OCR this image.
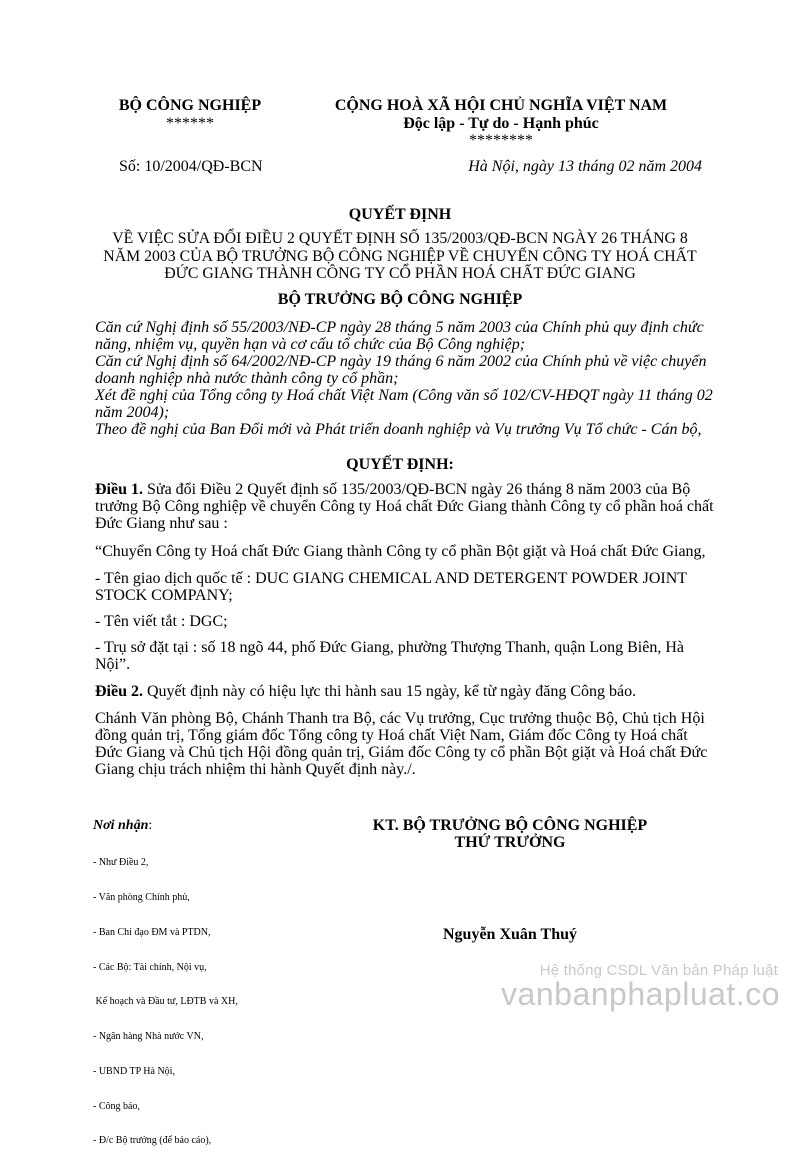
BỘ CÔNG NGHIỆP
******
CỘNG HOÀ XÃ HỘI CHỦ NGHĨA VIỆT NAM
Độc lập - Tự do - Hạnh phúc
********
Số: 10/2004/QĐ-BCN	Hà Nội, ngày 13 tháng 02 năm 2004
QUYẾT ĐỊNH
VỀ VIỆC SỬA ĐỔI ĐIỀU 2 QUYẾT ĐỊNH SỐ 135/2003/QĐ-BCN NGÀY 26 THÁNG 8
NĂM 2003 CỦA BỘ TRƯỞNG BỘ CÔNG NGHIỆP VỀ CHUYỂN CÔNG TY HOÁ CHẤT
ĐỨC GIANG THÀNH CÔNG TY CỔ PHẦN HOÁ CHẤT ĐỨC GIANG
BỘ TRƯỞNG BỘ CÔNG NGHIỆP
Căn cứ Nghị định số 55/2003/NĐ-CP ngày 28 tháng 5 năm 2003 của Chính phủ quy định chức
năng, nhiệm vụ, quyền hạn và cơ cấu tổ chức của Bộ Công nghiệp;
Căn cứ Nghị định số 64/2002/NĐ-CP ngày 19 tháng 6 năm 2002 của Chính phủ về việc chuyển
doanh nghiệp nhà nước thành công ty cổ phần;
Xét đề nghị của Tổng công ty Hoá chất Việt Nam (Công văn số 102/CV-HĐQT ngày 11 tháng 02
năm 2004);
Theo đề nghị của Ban Đổi mới và Phát triển doanh nghiệp và Vụ trưởng Vụ Tổ chức - Cán bộ,
QUYẾT ĐỊNH:
Điều 1. Sửa đổi Điều 2 Quyết định số 135/2003/QĐ-BCN ngày 26 tháng 8 năm 2003 của Bộ
trưởng Bộ Công nghiệp về chuyển Công ty Hoá chất Đức Giang thành Công ty cổ phần hoá chất
Đức Giang như sau :
“Chuyển Công ty Hoá chất Đức Giang thành Công ty cổ phần Bột giặt và Hoá chất Đức Giang,
- Tên giao dịch quốc tế : DUC GIANG CHEMICAL AND DETERGENT POWDER JOINT
STOCK COMPANY;
- Tên viết tắt : DGC;
- Trụ sở đặt tại : số 18 ngõ 44, phố Đức Giang, phường Thượng Thanh, quận Long Biên, Hà
Nội”.
Điều 2. Quyết định này có hiệu lực thi hành sau 15 ngày, kể từ ngày đăng Công báo.
Chánh Văn phòng Bộ, Chánh Thanh tra Bộ, các Vụ trưởng, Cục trưởng thuộc Bộ, Chủ tịch Hội
đồng quản trị, Tổng giám đốc Tổng công ty Hoá chất Việt Nam, Giám đốc Công ty Hoá chất
Đức Giang và Chủ tịch Hội đồng quản trị, Giám đốc Công ty cổ phần Bột giặt và Hoá chất Đức
Giang chịu trách nhiệm thi hành Quyết định này./.
Nơi nhận:

- Như Điều 2,

- Văn phòng Chính phủ,

- Ban Chỉ đạo ĐM và PTDN,

- Các Bộ: Tài chính, Nội vụ,

Kế hoạch và Đầu tư, LĐTB và XH,

- Ngân hàng Nhà nước VN,

- UBND TP Hà Nội,

- Công báo,

- Đ/c Bộ trưởng (để báo cáo),

KT. BỘ TRƯỞNG BỘ CÔNG NGHIỆP
THỨ TRƯỞNG
Nguyễn Xuân Thuý
Hệ thống CSDL Văn bản Pháp luật
vanbanphapluat.co
